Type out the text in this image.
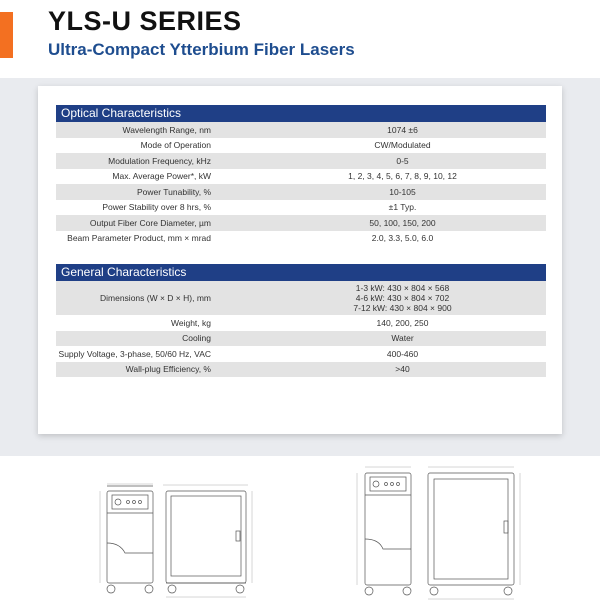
YLS-U SERIES
Ultra-Compact Ytterbium Fiber Lasers
Optical Characteristics
Wavelength Range, nm	1074 ±6
Mode of Operation	CW/Modulated
Modulation Frequency, kHz	0-5
Max. Average Power*, kW	1, 2, 3, 4, 5, 6, 7, 8, 9, 10, 12
Power Tunability, %	10-105
Power Stability over 8 hrs, %	±1 Typ.
Output Fiber Core Diameter, µm	50, 100, 150, 200
Beam Parameter Product, mm × mrad	2.0, 3.3, 5.0, 6.0
General Characteristics
Dimensions (W × D × H), mm
1-3 kW: 430 × 804 × 568
4-6 kW: 430 × 804 × 702
7-12 kW: 430 × 804 × 900
Weight, kg	140, 200, 250
Cooling	Water
Supply Voltage, 3-phase, 50/60 Hz, VAC	400-460
Wall-plug Efficiency, %	>40
